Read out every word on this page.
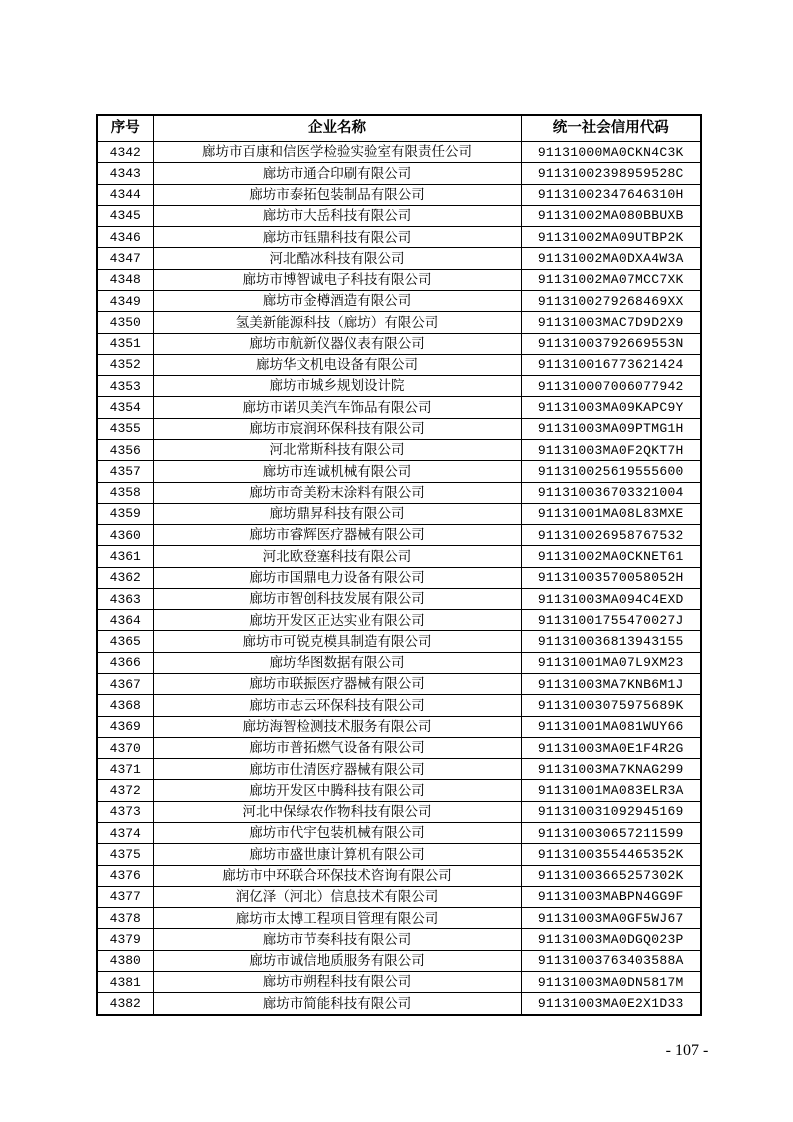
序号	企业名称	统一社会信用代码
4342	廊坊市百康和信医学检验实验室有限责任公司	91131000MA0CKN4C3K
4343	廊坊市通合印刷有限公司	91131002398959528C
4344	廊坊市泰拓包装制品有限公司	91131002347646310H
4345	廊坊市大岳科技有限公司	91131002MA080BBUXB
4346	廊坊市钰鼎科技有限公司	91131002MA09UTBP2K
4347	河北酷冰科技有限公司	91131002MA0DXA4W3A
4348	廊坊市博智诚电子科技有限公司	91131002MA07MCC7XK
4349	廊坊市金樽酒造有限公司	9113100279268469XX
4350	氢美新能源科技（廊坊）有限公司	91131003MAC7D9D2X9
4351	廊坊市航新仪器仪表有限公司	91131003792669553N
4352	廊坊华文机电设备有限公司	911310016773621424
4353	廊坊市城乡规划设计院	911310007006077942
4354	廊坊市诺贝美汽车饰品有限公司	91131003MA09KAPC9Y
4355	廊坊市宸润环保科技有限公司	91131003MA09PTMG1H
4356	河北常斯科技有限公司	91131003MA0F2QKT7H
4357	廊坊市连诚机械有限公司	911310025619555600
4358	廊坊市奇美粉末涂料有限公司	911310036703321004
4359	廊坊鼎昇科技有限公司	91131001MA08L83MXE
4360	廊坊市睿辉医疗器械有限公司	911310026958767532
4361	河北欧登塞科技有限公司	91131002MA0CKNET61
4362	廊坊市国鼎电力设备有限公司	91131003570058052H
4363	廊坊市智创科技发展有限公司	91131003MA094C4EXD
4364	廊坊开发区正达实业有限公司	91131001755470027J
4365	廊坊市可锐克模具制造有限公司	911310036813943155
4366	廊坊华图数据有限公司	91131001MA07L9XM23
4367	廊坊市联振医疗器械有限公司	91131003MA7KNB6M1J
4368	廊坊市志云环保科技有限公司	91131003075975689K
4369	廊坊海智检测技术服务有限公司	91131001MA081WUY66
4370	廊坊市普拓燃气设备有限公司	91131003MA0E1F4R2G
4371	廊坊市仕清医疗器械有限公司	91131003MA7KNAG299
4372	廊坊开发区中腾科技有限公司	91131001MA083ELR3A
4373	河北中保绿农作物科技有限公司	911310031092945169
4374	廊坊市代宇包装机械有限公司	911310030657211599
4375	廊坊市盛世康计算机有限公司	91131003554465352K
4376	廊坊市中环联合环保技术咨询有限公司	91131003665257302K
4377	润亿泽（河北）信息技术有限公司	91131003MABPN4GG9F
4378	廊坊市太博工程项目管理有限公司	91131003MA0GF5WJ67
4379	廊坊市节奏科技有限公司	91131003MA0DGQ023P
4380	廊坊市诚信地质服务有限公司	91131003763403588A
4381	廊坊市朔程科技有限公司	91131003MA0DN5817M
4382	廊坊市简能科技有限公司	91131003MA0E2X1D33
- 107 -
